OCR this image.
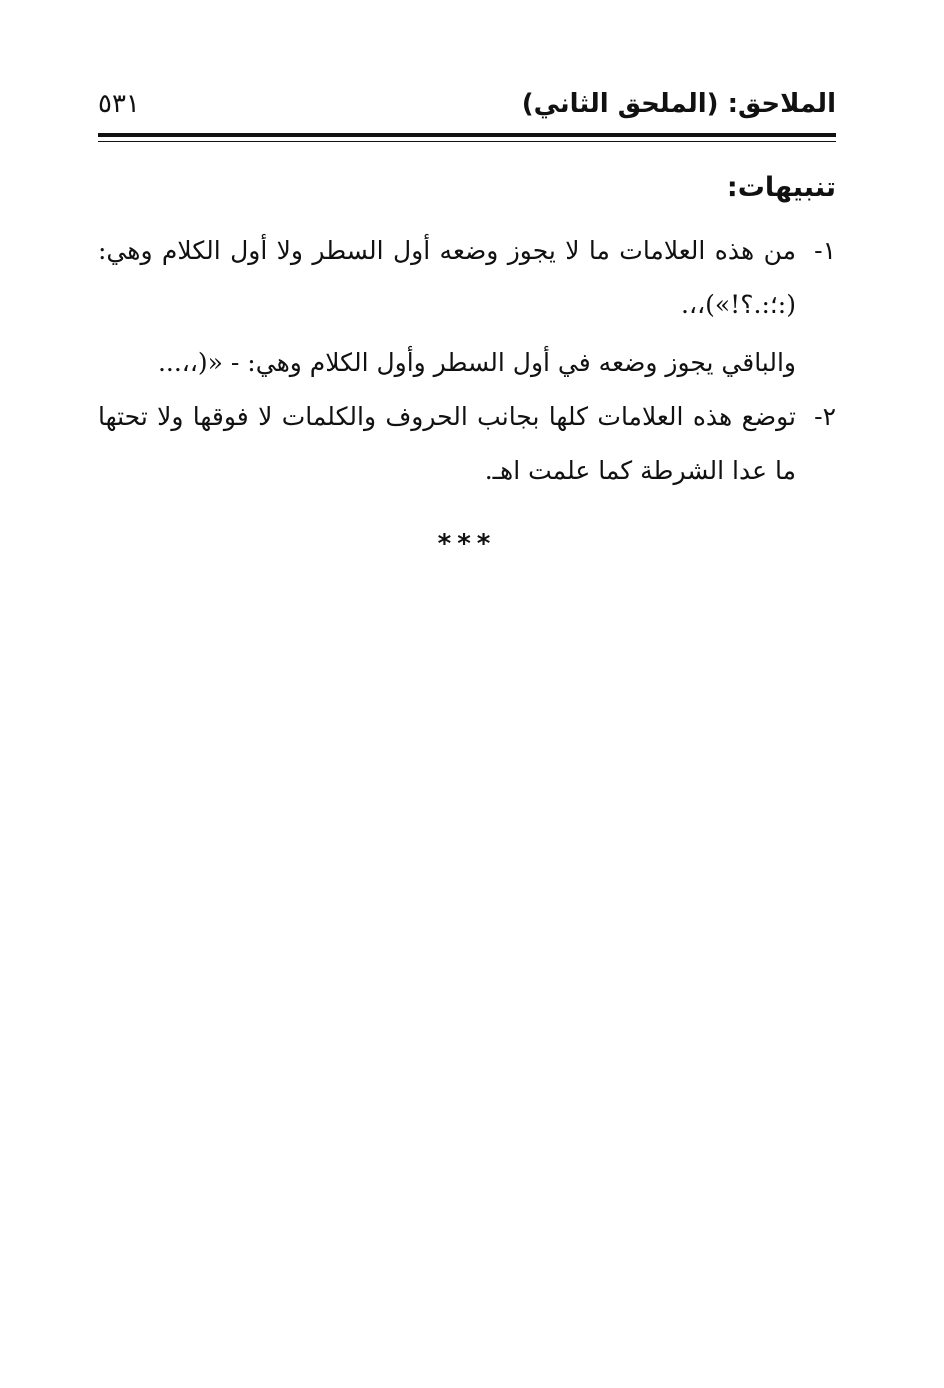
الملاحق: (الملحق الثاني)
٥٣١
تنبيهات:
١-
من هذه العلامات ما لا يجوز وضعه أول السطر ولا أول الكلام وهي: (:؛:.؟!»)،،.

والباقي يجوز وضعه في أول السطر وأول الكلام وهي: - «(،،...

٢-
توضع هذه العلامات كلها بجانب الحروف والكلمات لا فوقها ولا تحتها ما عدا الشرطة كما علمت اهـ.
***
